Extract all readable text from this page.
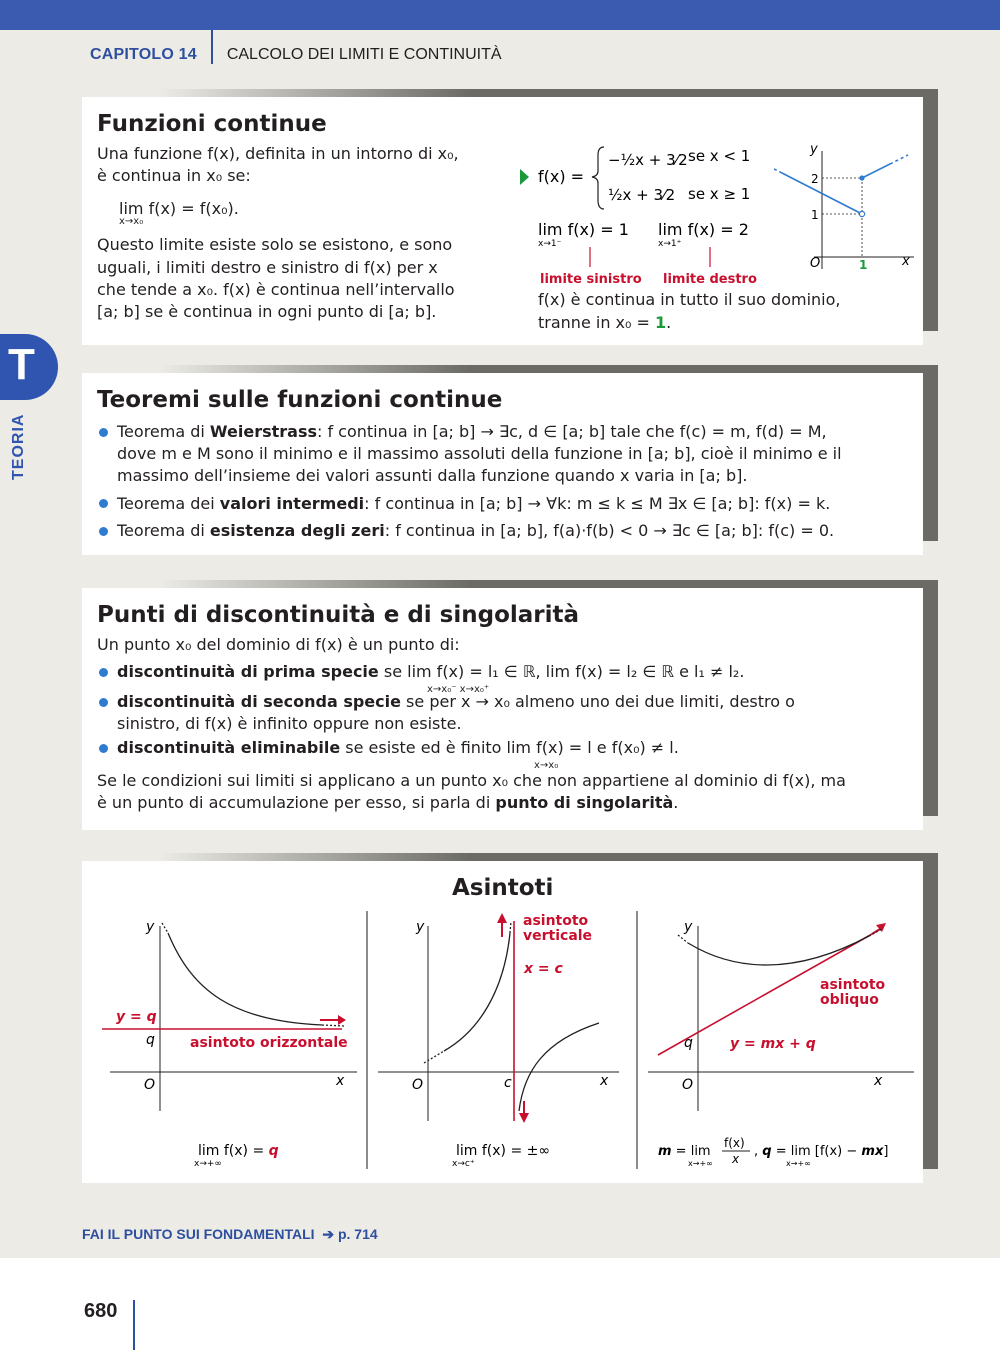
CAPITOLO 14 CALCOLO DEI LIMITI E CONTINUITÀ
T
TEORIA
Funzioni continue
Una funzione f(x), definita in un intorno di x₀,
è continua in x₀ se:
lim f(x) = f(x₀).
x→x₀
Questo limite esiste solo se esistono, e sono
uguali, i limiti destro e sinistro di f(x) per x
che tende a x₀. f(x) è continua nell’intervallo
[a; b] se è continua in ogni punto di [a; b].
f(x) =
−½x + 3⁄2 se x < 1
½x + 3⁄2 se x ≥ 1
lim f(x) = 1
x→1⁻
lim f(x) = 2
x→1⁺
limite sinistro limite destro
f(x) è continua in tutto il suo dominio,
tranne in x₀ = 1.
y
x
O
1
2
1
Teoremi sulle funzioni continue
Teorema di Weierstrass: f continua in [a; b] → ∃c, d ∈ [a; b] tale che f(c) = m, f(d) = M,
dove m e M sono il minimo e il massimo assoluti della funzione in [a; b], cioè il minimo e il
massimo dell’insieme dei valori assunti dalla funzione quando x varia in [a; b].
Teorema dei valori intermedi: f continua in [a; b] → ∀k: m ≤ k ≤ M ∃x ∈ [a; b]: f(x) = k.
Teorema di esistenza degli zeri: f continua in [a; b], f(a)·f(b) < 0 → ∃c ∈ [a; b]: f(c) = 0.
Punti di discontinuità e di singolarità
Un punto x₀ del dominio di f(x) è un punto di:
discontinuità di prima specie se lim f(x) = l₁ ∈ ℝ, lim f(x) = l₂ ∈ ℝ e l₁ ≠ l₂.
x→x₀⁻ x→x₀⁺
discontinuità di seconda specie se per x → x₀ almeno uno dei due limiti, destro o
sinistro, di f(x) è infinito oppure non esiste.
discontinuità eliminabile se esiste ed è finito lim f(x) = l e f(x₀) ≠ l.
x→x₀
Se le condizioni sui limiti si applicano a un punto x₀ che non appartiene al dominio di f(x), ma
è un punto di accumulazione per esso, si parla di punto di singolarità.
Asintoti
y
x
O
y = q
q	asintoto orizzontale
lim f(x) = q
x→+∞
y
x
O	c
asintoto
verticale
x = c
lim f(x) = ±∞
x→c⁺
y
x
O
q
asintoto
obliquo
y = mx + q
m = lim
f(x)
x
x→+∞
, q = lim [f(x) − mx]
x→+∞
FAI IL PUNTO SUI FONDAMENTALI ➔ p. 714
680
